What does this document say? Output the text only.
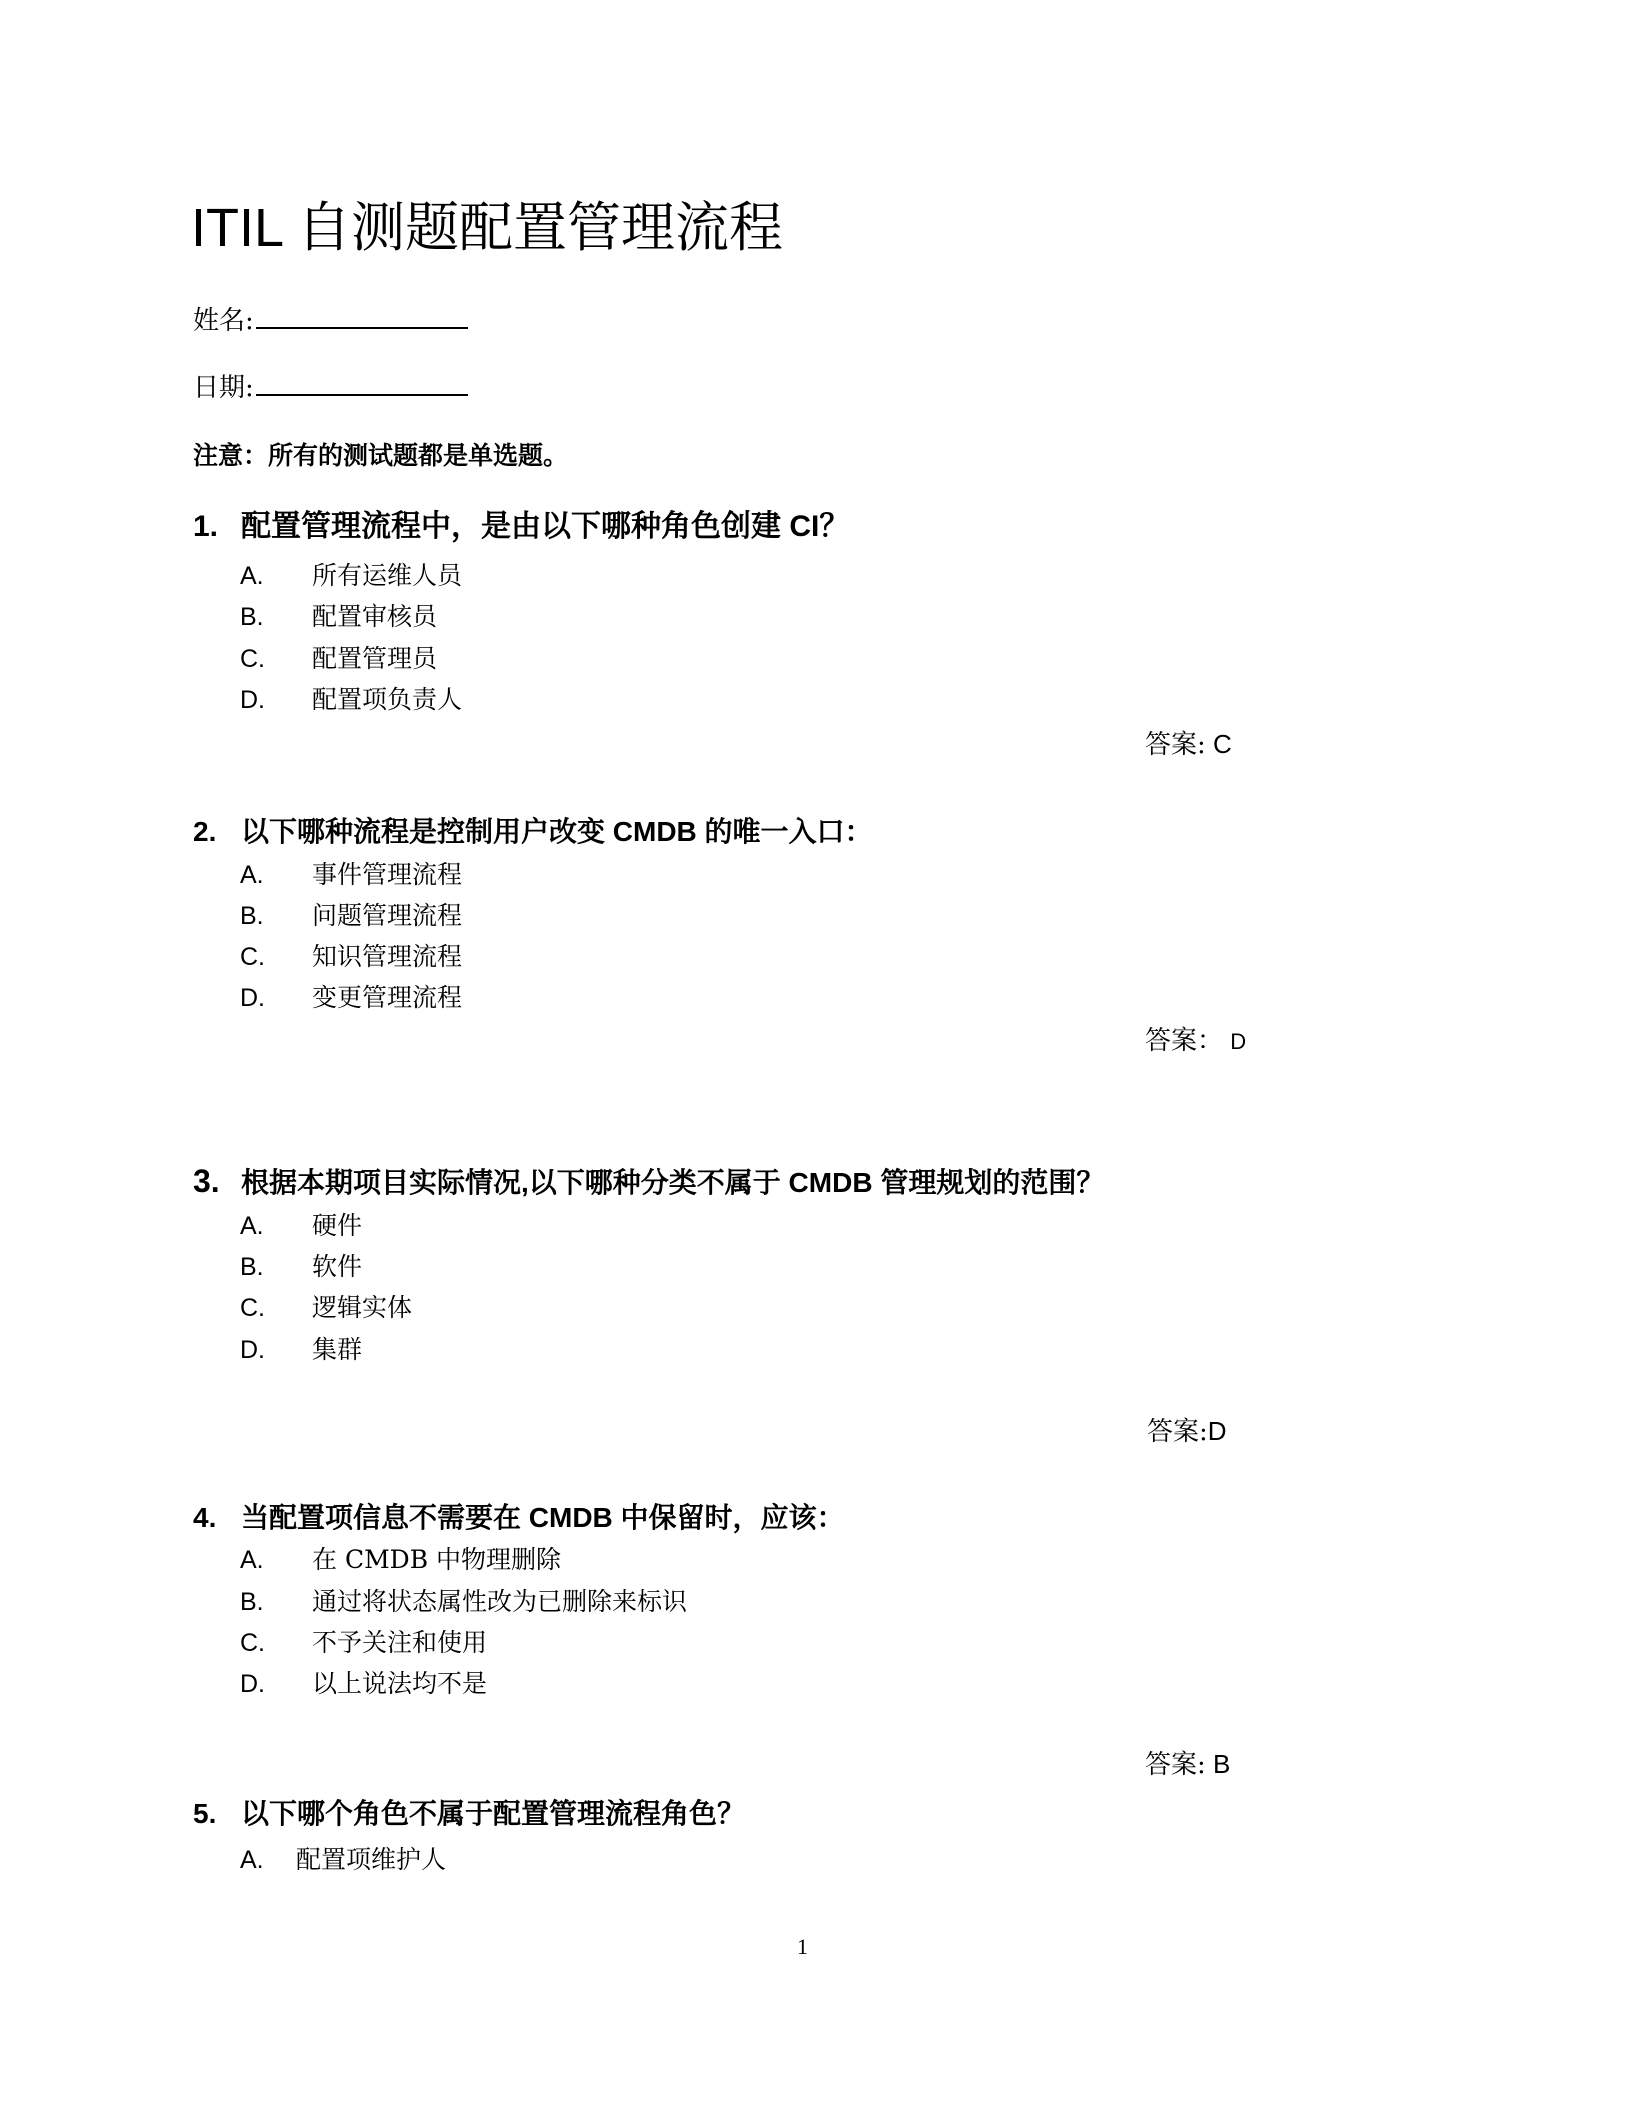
ITIL 自测题配置管理流程
姓名:
日期:
注意：所有的测试题都是单选题。
1. 配置管理流程中，是由以下哪种角色创建 CI？
A. 所有运维人员
B. 配置审核员
C. 配置管理员
D. 配置项负责人
答案: C
2. 以下哪种流程是控制用户改变 CMDB 的唯一入口：
A. 事件管理流程
B. 问题管理流程
C. 知识管理流程
D. 变更管理流程
答案： D
3. 根据本期项目实际情况,以下哪种分类不属于 CMDB 管理规划的范围？
A. 硬件
B. 软件
C. 逻辑实体
D. 集群
答案:D
4. 当配置项信息不需要在 CMDB 中保留时，应该：
A. 在 CMDB 中物理删除
B. 通过将状态属性改为已删除来标识
C. 不予关注和使用
D. 以上说法均不是
答案: B
5. 以下哪个角色不属于配置管理流程角色？
A. 配置项维护人
1
